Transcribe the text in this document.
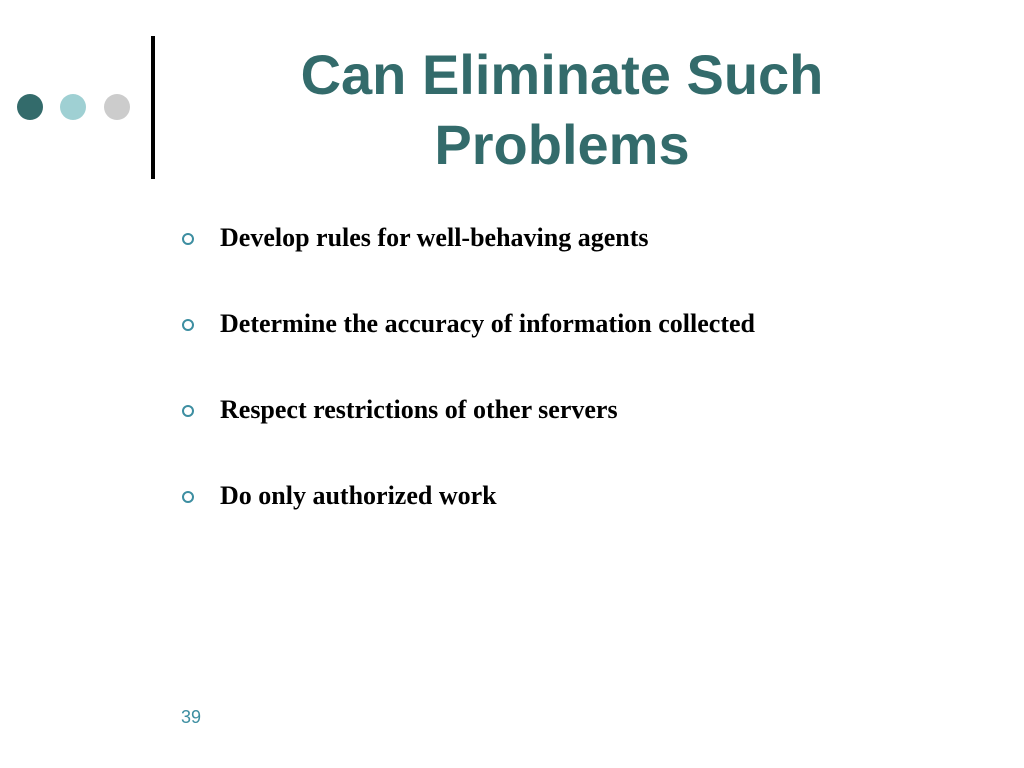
Can Eliminate Such Problems
Develop rules for well-behaving agents
Determine the accuracy of information collected
Respect restrictions of other servers
Do only authorized work
39
